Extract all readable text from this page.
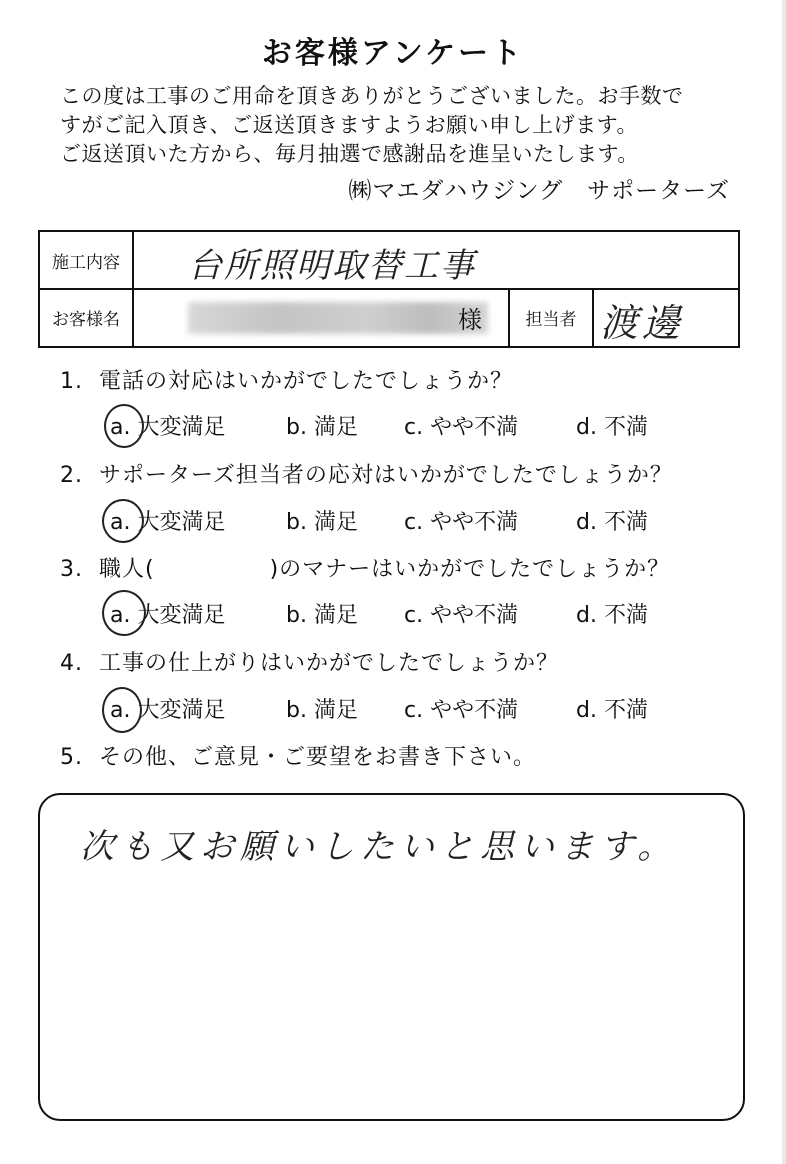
お客様アンケート
この度は工事のご用命を頂きありがとうございました。お手数で
すがご記入頂き、ご返送頂きますようお願い申し上げます。
ご返送頂いた方から、毎月抽選で感謝品を進呈いたします。
㈱マエダハウジング　サポーターズ
施工内容	台所照明取替工事
お客様名	様	担当者 渡邊
1. 電話の対応はいかがでしたでしょうか？
a. 大変満足	b. 満足 c. やや不満	d. 不満
2. サポーターズ担当者の応対はいかがでしたでしょうか？
a. 大変満足	b. 満足 c. やや不満	d. 不満
3. 職人(　　　　　)のマナーはいかがでしたでしょうか？
a. 大変満足	b. 満足 c. やや不満	d. 不満
4. 工事の仕上がりはいかがでしたでしょうか？
a. 大変満足	b. 満足 c. やや不満	d. 不満
5. その他、ご意見・ご要望をお書き下さい。
次も又お願いしたいと思います。
